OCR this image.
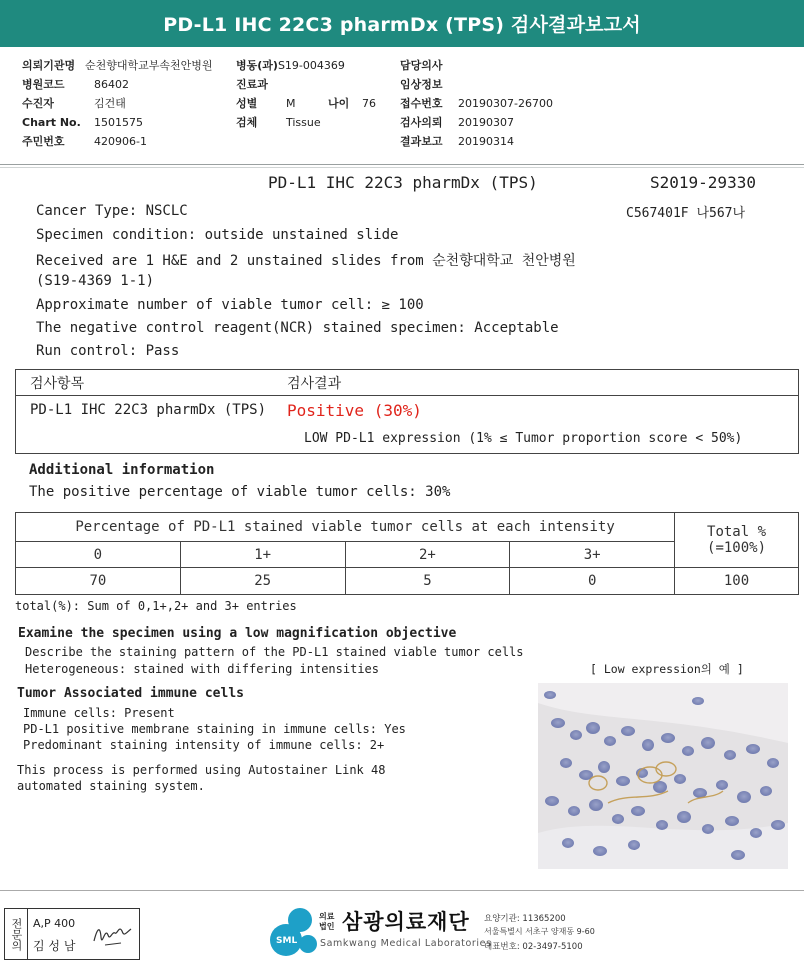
PD-L1 IHC 22C3 pharmDx (TPS) 검사결과보고서
의뢰기관명 순천향대학교부속천안병원
병원코드	86402
수진자	김건태
Chart No. 1501575
주민번호	420906-1
병동(과)S19-004369
진료과
성별	M	나이 76
검체	Tissue
담당의사
임상정보
접수번호 20190307-26700
검사의뢰 20190307
결과보고 20190314
PD-L1 IHC 22C3 pharmDx (TPS)	S2019-29330
C567401F 나567나
Cancer Type: NSCLC
Specimen condition: outside unstained slide
Received are 1 H&E and 2 unstained slides from 순천향대학교 천안병원
(S19-4369 1-1)
Approximate number of viable tumor cell: ≥ 100
The negative control reagent(NCR) stained specimen: Acceptable
Run control: Pass
검사항목	검사결과
PD-L1 IHC 22C3 pharmDx (TPS) Positive (30%)
LOW PD-L1 expression (1% ≤ Tumor proportion score < 50%)
Additional information
The positive percentage of viable tumor cells: 30%
Percentage of PD-L1 stained viable tumor cells at each intensity				Total %
(=100%)

0	1+	2+	3+	
70	25	5	0	100
total(%): Sum of 0,1+,2+ and 3+ entries
Examine the specimen using a low magnification objective
Describe the staining pattern of the PD-L1 stained viable tumor cells
Heterogeneous: stained with differing intensities	[ Low expression의 예 ]
Tumor Associated immune cells
Immune cells: Present
PD-L1 positive membrane staining in immune cells: Yes
Predominant staining intensity of immune cells: 2+
This process is performed using Autostainer Link 48
automated staining system.
전문의 A,P 400
김 성 남	SML
의료
법인 삼광의료재단
Samkwang Medical Laboratories
요양기관: 11365200
서울특별시 서초구 양재동 9-60
대표번호: 02-3497-5100
